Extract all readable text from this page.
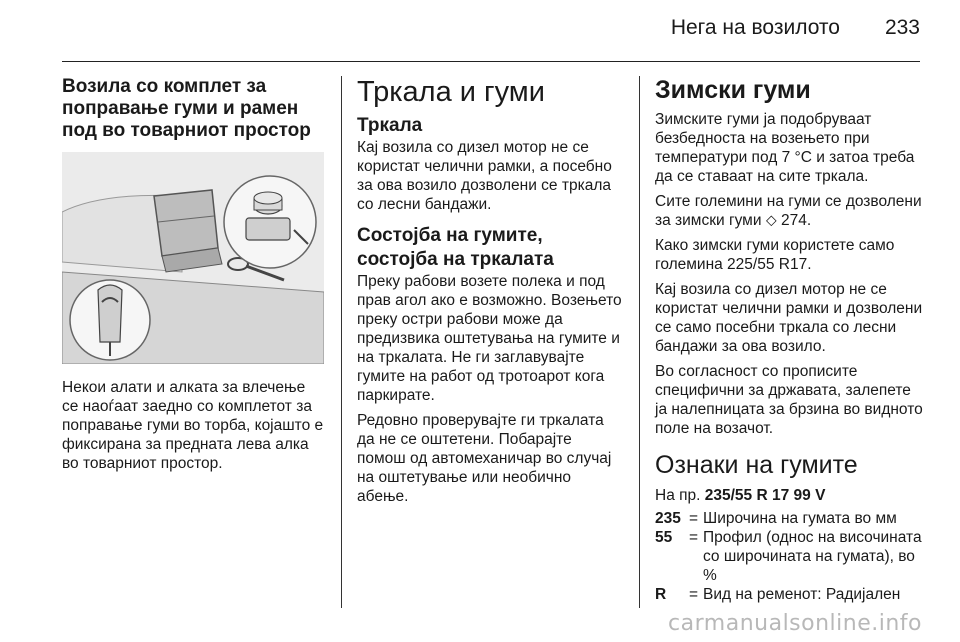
Нега на возилото 233
Возила со комплет за поправање гуми и рамен под во товарниот простор

Некои алати и алката за влечење се наоѓаат заедно со комплетот за поправање гуми во торба, којашто е фиксирана за предната лева алка во товарниот простор.

Тркала и гуми
Тркала

Кај возила со дизел мотор не се користат челични рамки, а посебно за ова возило дозволени се тркала со лесни бандажи.

Состојба на гумите, состојба на тркалата

Преку рабови возете полека и под прав агол ако е возможно. Возењето преку остри рабови може да предизвика оштетувања на гумите и на тркалата. Не ги заглавувајте гумите на работ од тротоарот кога паркирате.

Редовно проверувајте ги тркалата да не се оштетени. Побарајте помош од автомеханичар во случај на оштетување или необично абење.

Зимски гуми

Зимските гуми ја подобруваат безбедноста на возењето при температури под 7 °C и затоа треба да се ставаат на сите тркала.

Сите големини на гуми се дозволени за зимски гуми ⬦ 274.

Како зимски гуми користете само големина 225/55 R17.

Кај возила со дизел мотор не се користат челични рамки и дозволени се само посебни тркала со лесни бандажи за ова возило.

Во согласност со прописите специфични за државата, залепете ја налепницата за брзина во видното поле на возачот.

Ознаки на гумите

На пр. 235/55 R 17 99 V

235 = Широчина на гумата во мм
55	= Профил (однос на височината со широчината на гумата), во %
R	= Вид на ременот: Радијален
carmanualsonline.info
